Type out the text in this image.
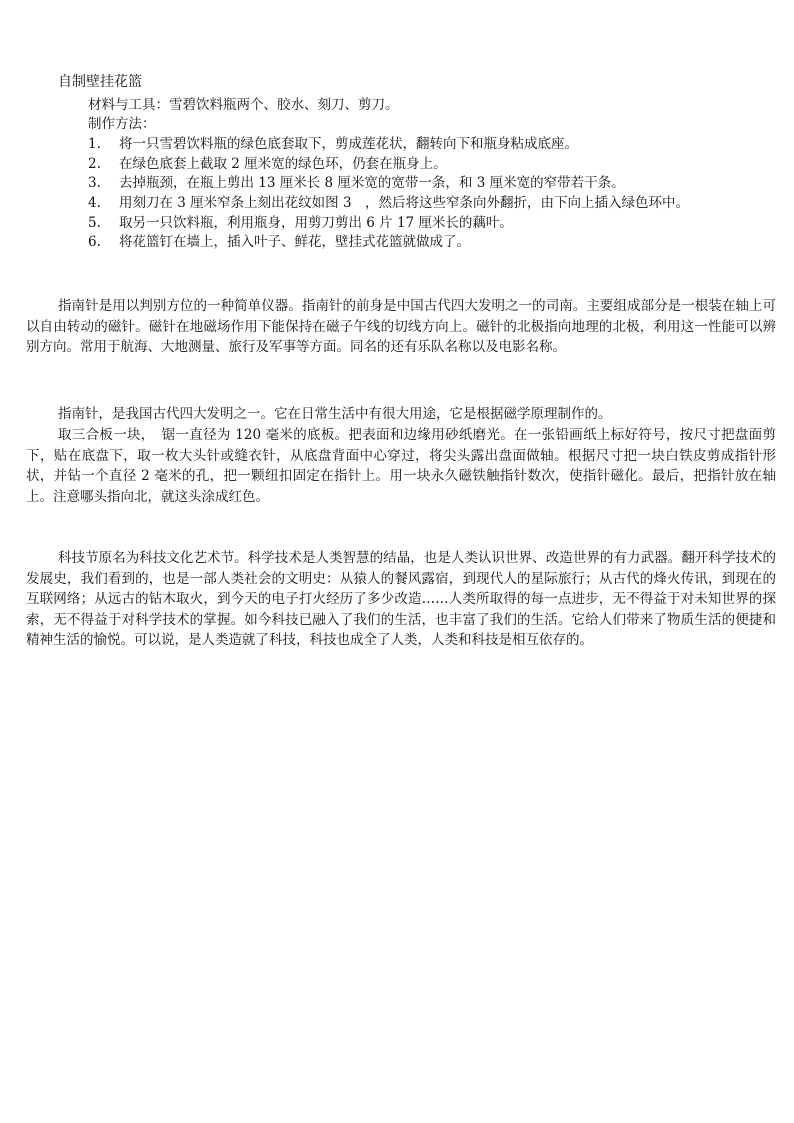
自制壁挂花篮
材料与工具：雪碧饮料瓶两个、胶水、刻刀、剪刀。
制作方法：
1. 将一只雪碧饮料瓶的绿色底套取下，剪成莲花状，翻转向下和瓶身粘成底座。
2. 在绿色底套上截取 2 厘米宽的绿色环，仍套在瓶身上。
3. 去掉瓶颈，在瓶上剪出 13 厘米长 8 厘米宽的宽带一条，和 3 厘米宽的窄带若干条。
4. 用刻刀在 3 厘米窄条上刻出花纹如图 3　，然后将这些窄条向外翻折，由下向上插入绿色环中。
5. 取另一只饮料瓶，利用瓶身，用剪刀剪出 6 片 17 厘米长的藕叶。
6. 将花篮钉在墙上，插入叶子、鲜花，壁挂式花篮就做成了。

指南针是用以判别方位的一种简单仪器。指南针的前身是中国古代四大发明之一的司南。主要组成部分是一根装在轴上可以自由转动的磁针。磁针在地磁场作用下能保持在磁子午线的切线方向上。磁针的北极指向地理的北极，利用这一性能可以辨别方向。常用于航海、大地测量、旅行及军事等方面。同名的还有乐队名称以及电影名称。

指南针，是我国古代四大发明之一。它在日常生活中有很大用途，它是根据磁学原理制作的。

取三合板一块，　锯一直径为 120 毫米的底板。把表面和边缘用砂纸磨光。在一张铅画纸上标好符号，按尺寸把盘面剪下，贴在底盘下，取一枚大头针或缝衣针，从底盘背面中心穿过，将尖头露出盘面做轴。根据尺寸把一块白铁皮剪成指针形状，并钻一个直径 2 毫米的孔，把一颗纽扣固定在指针上。用一块永久磁铁触指针数次，使指针磁化。最后，把指针放在轴上。注意哪头指向北，就这头涂成红色。

科技节原名为科技文化艺术节。科学技术是人类智慧的结晶，也是人类认识世界、改造世界的有力武器。翻开科学技术的发展史，我们看到的，也是一部人类社会的文明史：从猿人的餐风露宿，到现代人的星际旅行；从古代的烽火传讯，到现在的互联网络；从远古的钻木取火，到今天的电子打火经历了多少改造……人类所取得的每一点进步，无不得益于对未知世界的探索，无不得益于对科学技术的掌握。如今科技已融入了我们的生活，也丰富了我们的生活。它给人们带来了物质生活的便捷和精神生活的愉悦。可以说，是人类造就了科技，科技也成全了人类，人类和科技是相互依存的。
